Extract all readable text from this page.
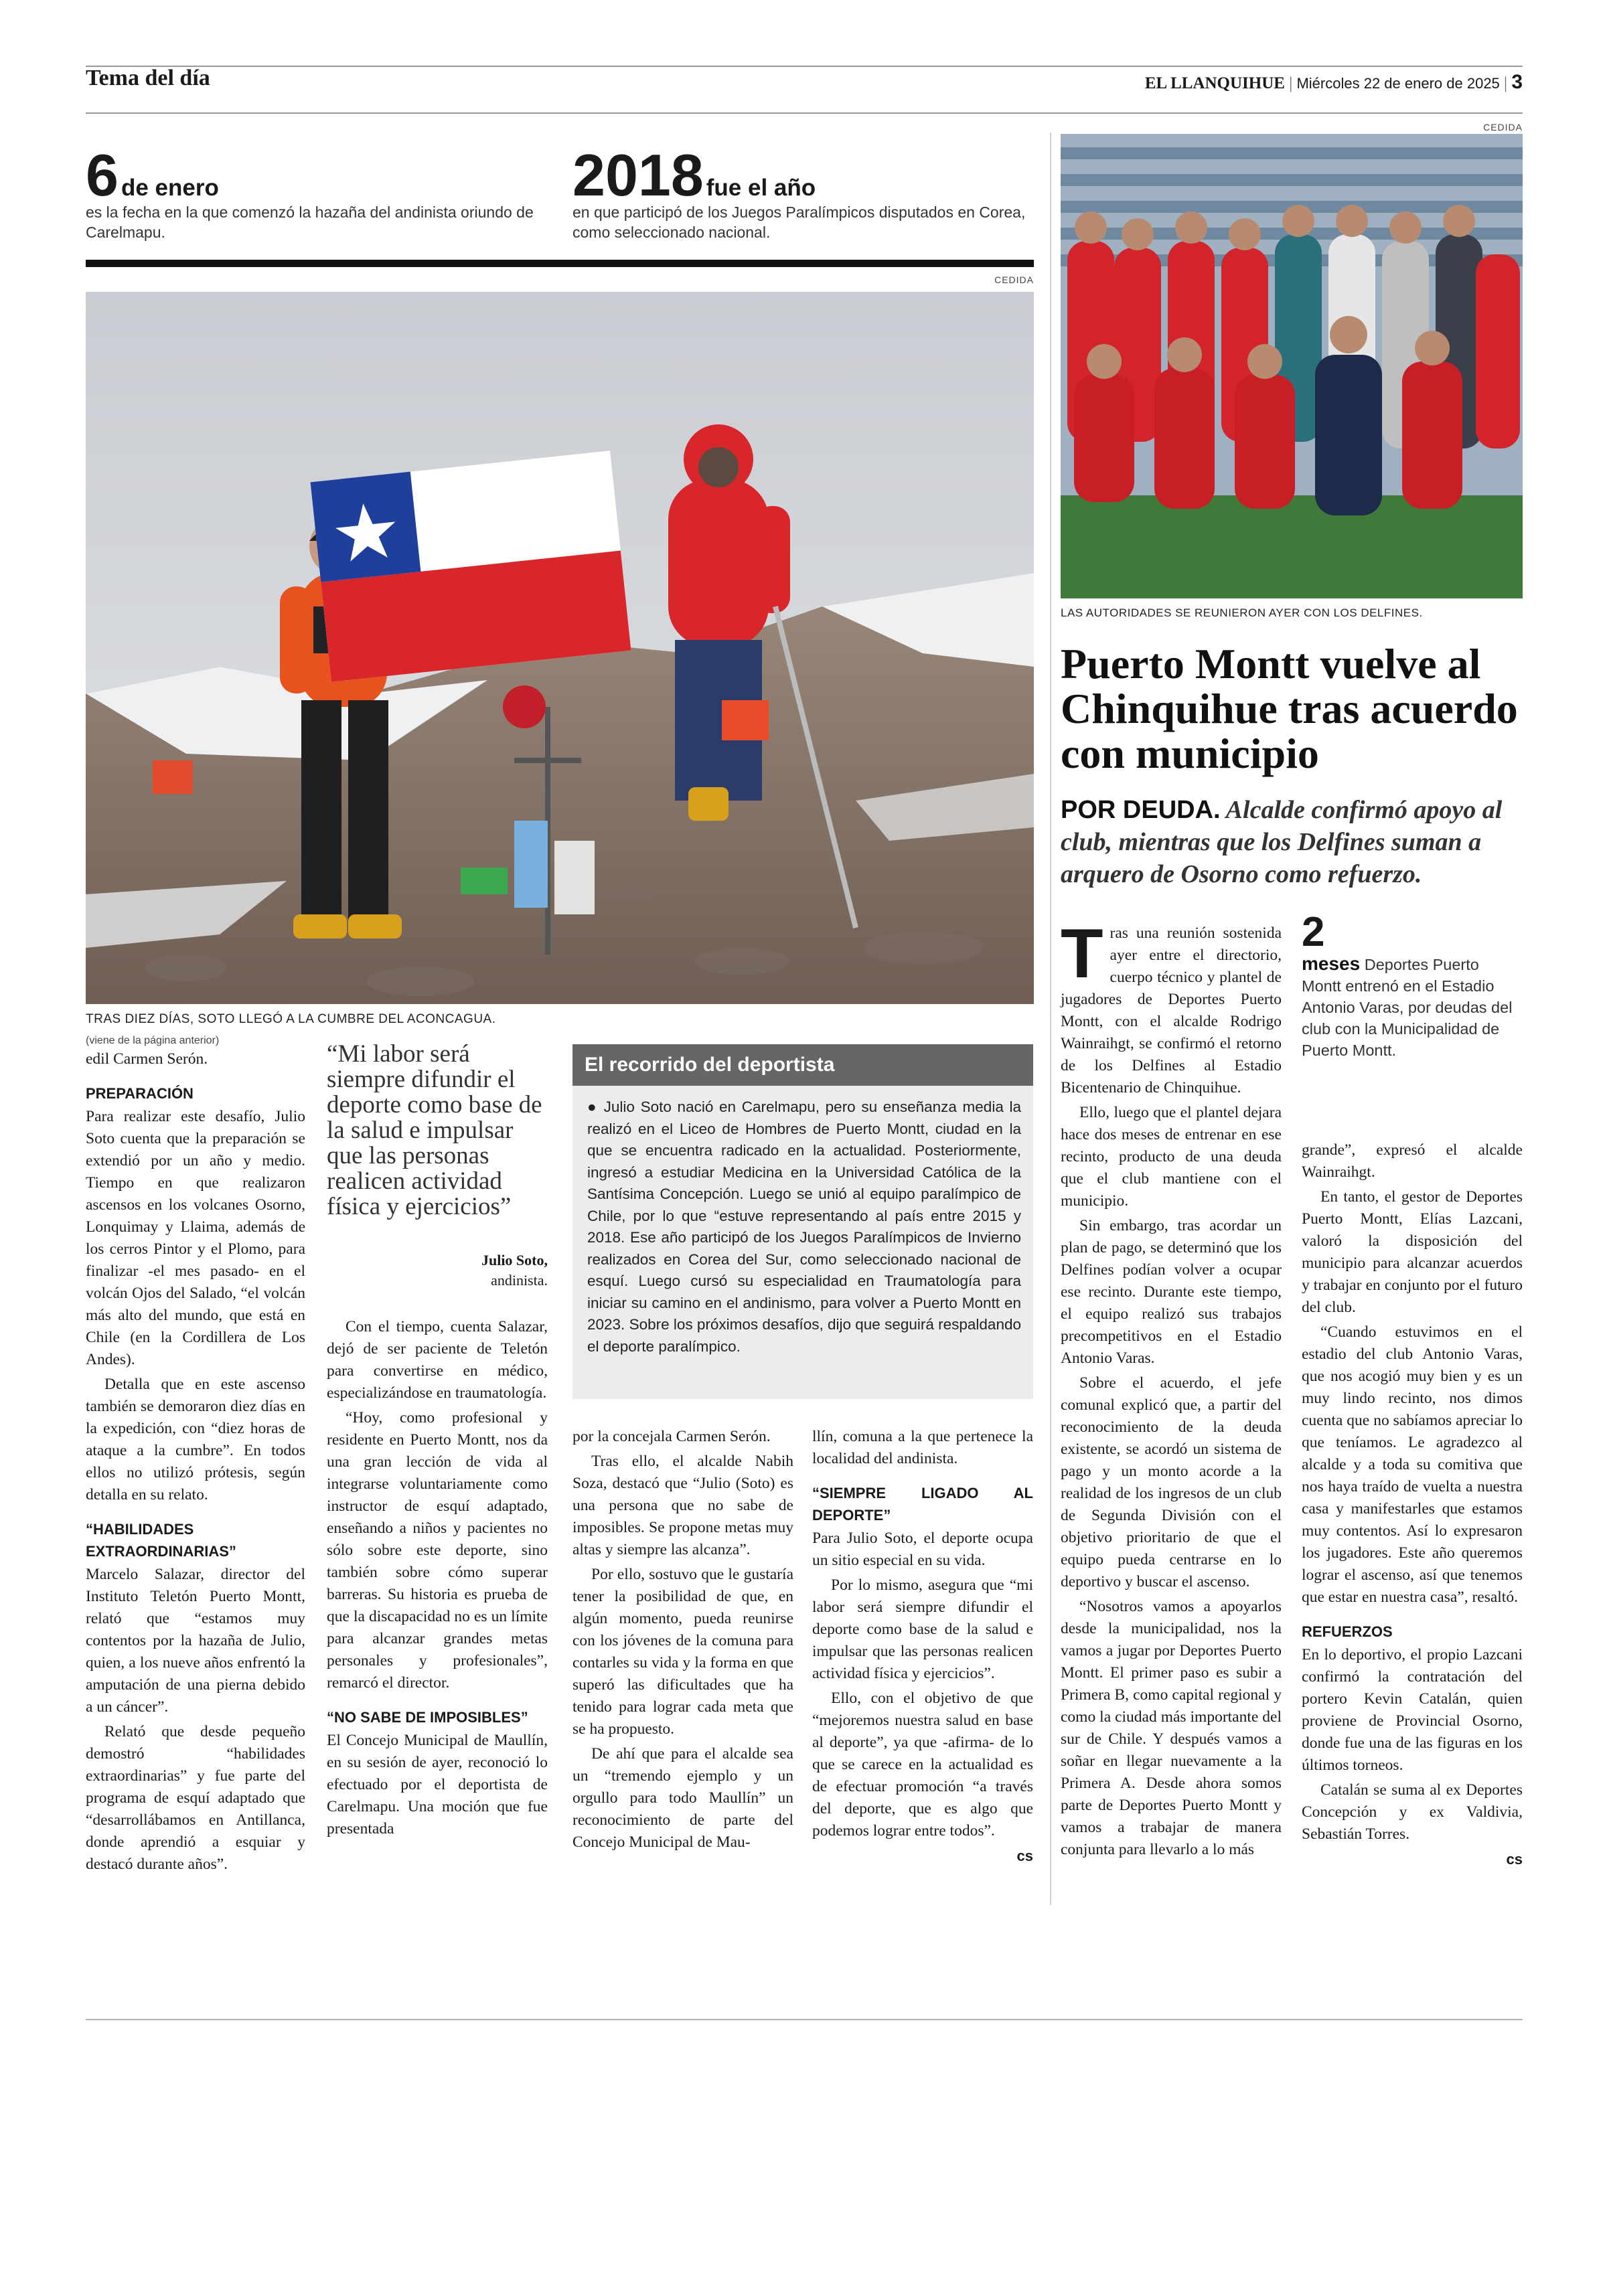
Tema del día	EL LLANQUIHUE | Miércoles 22 de enero de 2025 | 3
6 de enero
es la fecha en la que comenzó la hazaña del andinista oriundo de Carelmapu.
2018 fue el año
en que participó de los Juegos Paralímpicos disputados en Corea, como seleccionado nacional.
CEDIDA
TRAS DIEZ DÍAS, SOTO LLEGÓ A LA CUMBRE DEL ACONCAGUA.
(viene de la página anterior)

edil Carmen Serón.

PREPARACIÓN

Para realizar este desafío, Julio Soto cuenta que la preparación se extendió por un año y medio. Tiempo en que realizaron ascensos en los volcanes Osorno, Lonquimay y Llaima, además de los cerros Pintor y el Plomo, para finalizar -el mes pasado- en el volcán Ojos del Salado, “el volcán más alto del mundo, que está en Chile (en la Cordillera de Los Andes).

Detalla que en este ascenso también se demoraron diez días en la expedición, con “diez horas de ataque a la cumbre”. En todos ellos no utilizó prótesis, según detalla en su relato.

“HABILIDADES EXTRAORDINARIAS”

Marcelo Salazar, director del Instituto Teletón Puerto Montt, relató que “estamos muy contentos por la hazaña de Julio, quien, a los nueve años enfrentó la amputación de una pierna debido a un cáncer”.

Relató que desde pequeño demostró “habilidades extraordinarias” y fue parte del programa de esquí adaptado que “desarrollábamos en Antillanca, donde aprendió a esquiar y destacó durante años”.

“Mi labor será siempre difundir el deporte como base de la salud e impulsar que las personas realicen actividad física y ejercicios”
Julio Soto,
andinista.

Con el tiempo, cuenta Salazar, dejó de ser paciente de Teletón para convertirse en médico, especializándose en traumatología.

“Hoy, como profesional y residente en Puerto Montt, nos da una gran lección de vida al integrarse voluntariamente como instructor de esquí adaptado, enseñando a niños y pacientes no sólo sobre este deporte, sino también sobre cómo superar barreras. Su historia es prueba de que la discapacidad no es un límite para alcanzar grandes metas personales y profesionales”, remarcó el director.

“NO SABE DE IMPOSIBLES”

El Concejo Municipal de Maullín, en su sesión de ayer, reconoció lo efectuado por el deportista de Carelmapu. Una moción que fue presentada

El recorrido del deportista
● Julio Soto nació en Carelmapu, pero su enseñanza media la realizó en el Liceo de Hombres de Puerto Montt, ciudad en la que se encuentra radicado en la actualidad. Posteriormente, ingresó a estudiar Medicina en la Universidad Católica de la Santísima Concepción. Luego se unió al equipo paralímpico de Chile, por lo que “estuve representando al país entre 2015 y 2018. Ese año participó de los Juegos Paralímpicos de Invierno realizados en Corea del Sur, como seleccionado nacional de esquí. Luego cursó su especialidad en Traumatología para iniciar su camino en el andinismo, para volver a Puerto Montt en 2023. Sobre los próximos desafíos, dijo que seguirá respaldando el deporte paralímpico.

por la concejala Carmen Serón.

Tras ello, el alcalde Nabih Soza, destacó que “Julio (Soto) es una persona que no sabe de imposibles. Se propone metas muy altas y siempre las alcanza”.

Por ello, sostuvo que le gustaría tener la posibilidad de que, en algún momento, pueda reunirse con los jóvenes de la comuna para contarles su vida y la forma en que superó las dificultades que ha tenido para lograr cada meta que se ha propuesto.

De ahí que para el alcalde sea un “tremendo ejemplo y un orgullo para todo Maullín” un reconocimiento de parte del Concejo Municipal de Mau-

llín, comuna a la que pertenece la localidad del andinista.

“SIEMPRE LIGADO AL DEPORTE”

Para Julio Soto, el deporte ocupa un sitio especial en su vida.

Por lo mismo, asegura que “mi labor será siempre difundir el deporte como base de la salud e impulsar que las personas realicen actividad física y ejercicios”.

Ello, con el objetivo de que “mejoremos nuestra salud en base al deporte”, ya que -afirma- de lo que se carece en la actualidad es de efectuar promoción “a través del deporte, que es algo que podemos lograr entre todos”.

cs
CEDIDA
LAS AUTORIDADES SE REUNIERON AYER CON LOS DELFINES.
Puerto Montt vuelve al Chinquihue tras acuerdo con municipio
POR DEUDA. Alcalde confirmó apoyo al club, mientras que los Delfines suman a arquero de Osorno como refuerzo.

Tras una reunión sostenida ayer entre el directorio, cuerpo técnico y plantel de jugadores de Deportes Puerto Montt, con el alcalde Rodrigo Wainraihgt, se confirmó el retorno de los Delfines al Estadio Bicentenario de Chinquihue.

Ello, luego que el plantel dejara hace dos meses de entrenar en ese recinto, producto de una deuda que el club mantiene con el municipio.

Sin embargo, tras acordar un plan de pago, se determinó que los Delfines podían volver a ocupar ese recinto. Durante este tiempo, el equipo realizó sus trabajos precompetitivos en el Estadio Antonio Varas.

Sobre el acuerdo, el jefe comunal explicó que, a partir del reconocimiento de la deuda existente, se acordó un sistema de pago y un monto acorde a la realidad de los ingresos de un club de Segunda División con el objetivo prioritario de que el equipo pueda centrarse en lo deportivo y buscar el ascenso.

“Nosotros vamos a apoyarlos desde la municipalidad, nos la vamos a jugar por Deportes Puerto Montt. El primer paso es subir a Primera B, como capital regional y como la ciudad más importante del sur de Chile. Y después vamos a soñar en llegar nuevamente a la Primera A. Desde ahora somos parte de Deportes Puerto Montt y vamos a trabajar de manera conjunta para llevarlo a lo más

2
meses Deportes Puerto Montt entrenó en el Estadio Antonio Varas, por deudas del club con la Municipalidad de Puerto Montt.

grande”, expresó el alcalde Wainraihgt.

En tanto, el gestor de Deportes Puerto Montt, Elías Lazcani, valoró la disposición del municipio para alcanzar acuerdos y trabajar en conjunto por el futuro del club.

“Cuando estuvimos en el estadio del club Antonio Varas, que nos acogió muy bien y es un muy lindo recinto, nos dimos cuenta que no sabíamos apreciar lo que teníamos. Le agradezco al alcalde y a toda su comitiva que nos haya traído de vuelta a nuestra casa y manifestarles que estamos muy contentos. Así lo expresaron los jugadores. Este año queremos lograr el ascenso, así que tenemos que estar en nuestra casa”, resaltó.

REFUERZOS

En lo deportivo, el propio Lazcani confirmó la contratación del portero Kevin Catalán, quien proviene de Provincial Osorno, donde fue una de las figuras en los últimos torneos.

Catalán se suma al ex Deportes Concepción y ex Valdivia, Sebastián Torres.

cs
